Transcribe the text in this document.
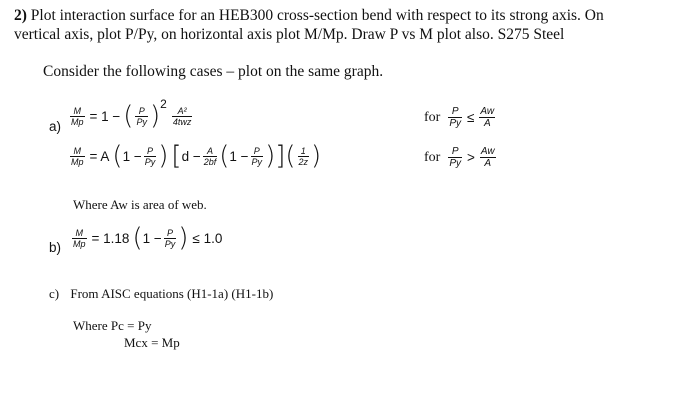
2) Plot interaction surface for an HEB300 cross-section bend with respect to its strong axis. On
vertical axis, plot P/Py, on horizontal axis plot M/Mp. Draw P vs M plot also. S275 Steel
Consider the following cases – plot on the same graph.
$a) \frac{M}{Mp} = 1$ − ( $\frac{P}{Py}$ ) 2
$\frac{\text{A²}}{\text{4twz}}$
$\frac{M}{Mp} = A$ ( $1 - \frac{P}{Py}$ ) [ $d - \frac{A}{2bf}$ ( $1 - \frac{P}{Py}$ ) ] ( $\frac{1}{2z}$ )
for $\frac{P}{Py} \le \frac{Aw}{A}$
for $\frac{P}{Py} > \frac{Aw}{A}$
Where Aw is area of web.
$b) \frac{M}{Mp} = 1.18$ ( $1 - \frac{P}{Py}$ ) ≤ 1.0
c) From AISC equations (H1-1a) (H1-1b)
Where Pc = Py
Mcx = Mp
